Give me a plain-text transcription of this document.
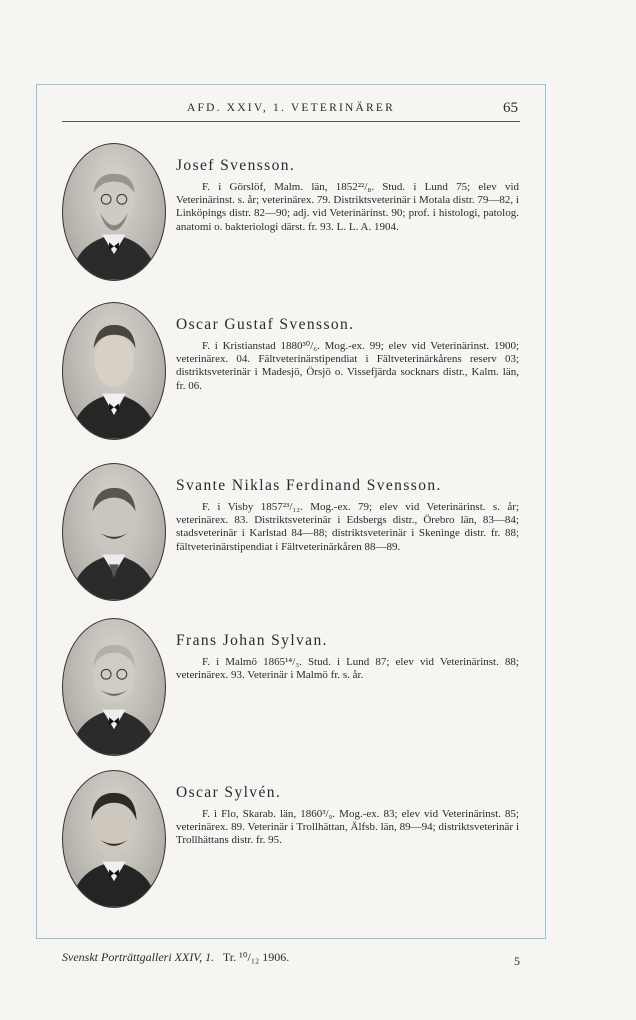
AFD. XXIV, 1. VETERINÄRER	65
Josef Svensson.
F. i Görslöf, Malm. län, 1852²²/₈. Stud. i Lund 75; elev vid Veterinärinst. s. år; veterinärex. 79. Distriktsveterinär i Motala distr. 79—82, i Linköpings distr. 82—90; adj. vid Veterinärinst. 90; prof. i histologi, patolog. anatomi o. bakteriologi därst. fr. 93. L. L. A. 1904.
Oscar Gustaf Svensson.
F. i Kristianstad 1880³⁰/₆. Mog.-ex. 99; elev vid Veterinärinst. 1900; veterinärex. 04. Fältveterinärstipendiat i Fältveterinärkårens reserv 03; distriktsveterinär i Madesjö, Örsjö o. Vissefjärda socknars distr., Kalm. län, fr. 06.
Svante Niklas Ferdinand Svensson.
F. i Visby 1857²³/₁₂. Mog.-ex. 79; elev vid Veterinärinst. s. år; veterinärex. 83. Distriktsveterinär i Edsbergs distr., Örebro län, 83—84; stadsveterinär i Karlstad 84—88; distriktsveterinär i Skeninge distr. fr. 88; fältveterinärstipendiat i Fältveterinärkåren 88—89.
Frans Johan Sylvan.
F. i Malmö 1865¹⁴/₃. Stud. i Lund 87; elev vid Veterinärinst. 88; veterinärex. 93. Veterinär i Malmö fr. s. år.
Oscar Sylvén.
F. i Flo, Skarab. län, 1860³/₉. Mog.-ex. 83; elev vid Veterinärinst. 85; veterinärex. 89. Veterinär i Trollhättan, Älfsb. län, 89—94; distriktsveterinär i Trollhättans distr. fr. 95.
Svenskt Porträttgalleri XXIV, 1. Tr. ¹⁰/₁₂ 1906.	5
